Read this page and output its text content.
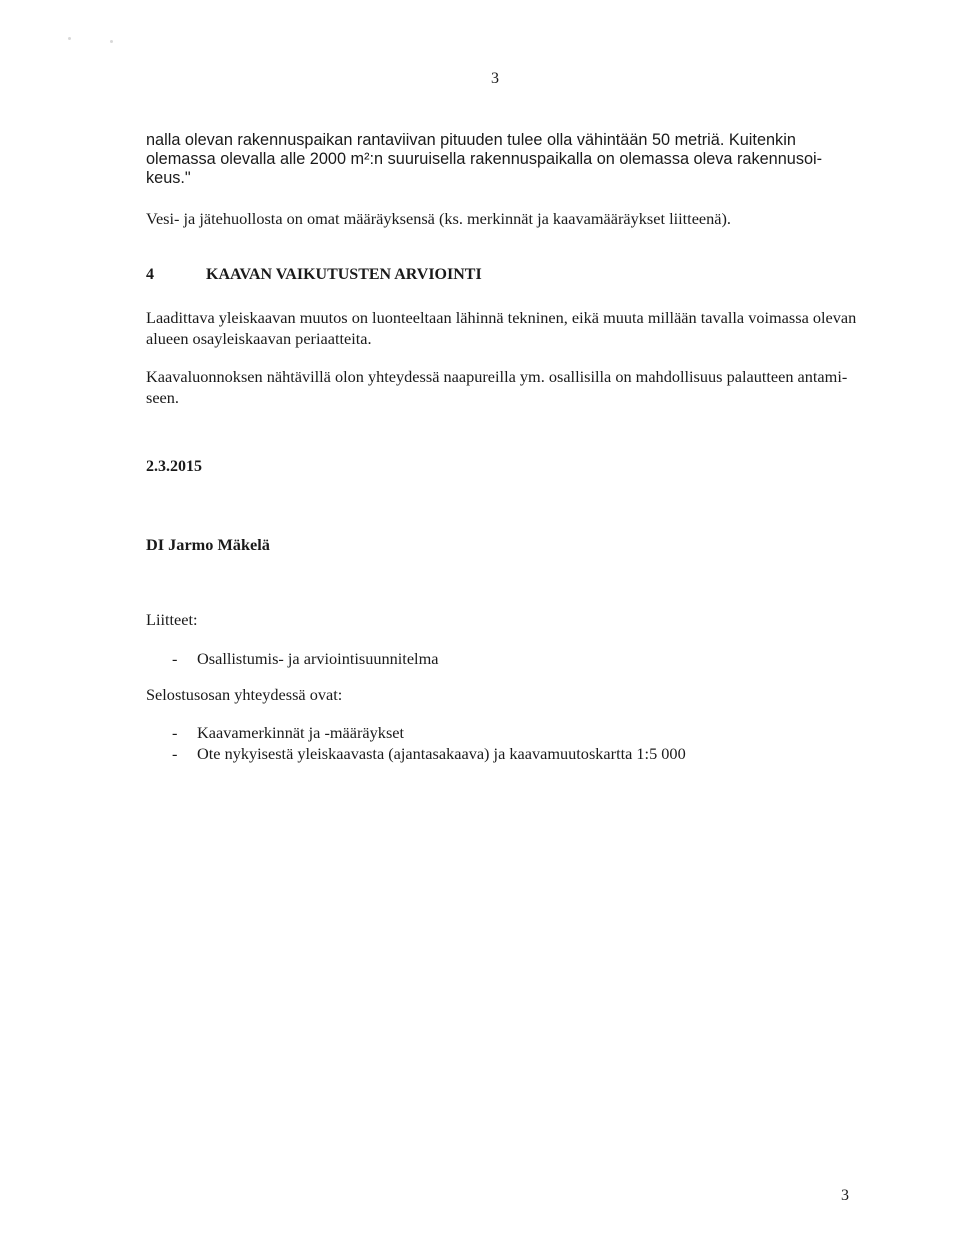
3
nalla olevan rakennuspaikan rantaviivan pituuden tulee olla vähintään 50 metriä. Kuitenkin
olemassa olevalla alle 2000 m²:n suuruisella rakennuspaikalla on olemassa oleva rakennusoi-
keus."
Vesi- ja jätehuollosta on omat määräyksensä (ks. merkinnät ja kaavamääräykset liitteenä).
4	KAAVAN VAIKUTUSTEN ARVIOINTI
Laadittava yleiskaavan muutos on luonteeltaan lähinnä tekninen, eikä muuta millään tavalla voimassa olevan
alueen osayleiskaavan periaatteita.
Kaavaluonnoksen nähtävillä olon yhteydessä naapureilla ym. osallisilla on mahdollisuus palautteen antami-
seen.
2.3.2015
DI Jarmo Mäkelä
Liitteet:
- Osallistumis- ja arviointisuunnitelma
Selostusosan yhteydessä ovat:
- Kaavamerkinnät ja -määräykset
- Ote nykyisestä yleiskaavasta (ajantasakaava) ja kaavamuutoskartta 1:5 000
3
